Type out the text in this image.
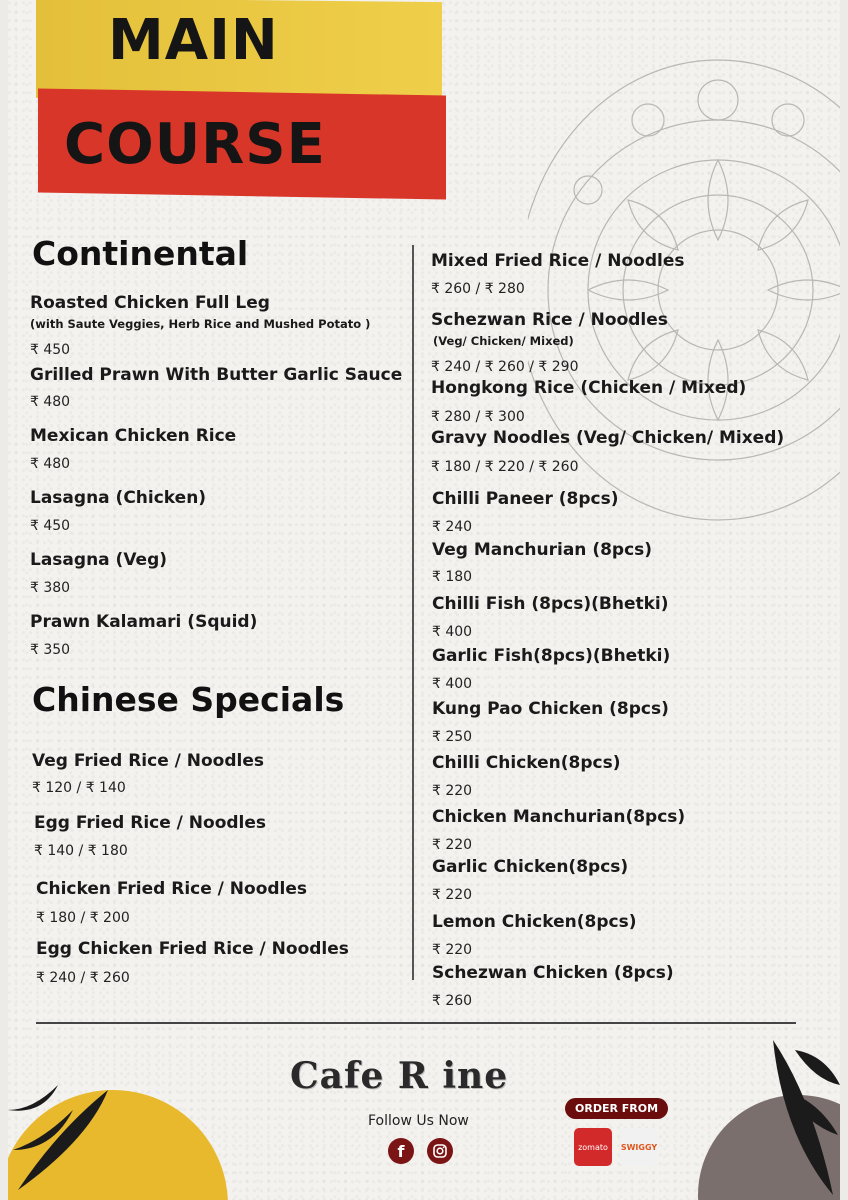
MAIN
COURSE
Continental
Roasted Chicken Full Leg
(with Saute Veggies, Herb Rice and Mushed Potato )
₹ 450
Grilled Prawn With Butter Garlic Sauce
₹ 480
Mexican Chicken Rice
₹ 480
Lasagna (Chicken)
₹ 450
Lasagna (Veg)
₹ 380
Prawn Kalamari (Squid)
₹ 350
Chinese Specials
Veg Fried Rice / Noodles
₹ 120 / ₹ 140
Egg Fried Rice / Noodles
₹ 140 / ₹ 180
Chicken Fried Rice / Noodles
₹ 180 / ₹ 200
Egg Chicken Fried Rice / Noodles
₹ 240 / ₹ 260
Mixed Fried Rice / Noodles
₹ 260 / ₹ 280
Schezwan Rice / Noodles
(Veg/ Chicken/ Mixed)
₹ 240 / ₹ 260 / ₹ 290
Hongkong Rice (Chicken / Mixed)
₹ 280 / ₹ 300
Gravy Noodles (Veg/ Chicken/ Mixed)
₹ 180 / ₹ 220 / ₹ 260
Chilli Paneer (8pcs)
₹ 240
Veg Manchurian (8pcs)
₹ 180
Chilli Fish (8pcs)(Bhetki)
₹ 400
Garlic Fish(8pcs)(Bhetki)
₹ 400
Kung Pao Chicken (8pcs)
₹ 250
Chilli Chicken(8pcs)
₹ 220
Chicken Manchurian(8pcs)
₹ 220
Garlic Chicken(8pcs)
₹ 220
Lemon Chicken(8pcs)
₹ 220
Schezwan Chicken (8pcs)
₹ 260
Cafe R ine
Follow Us Now
f
ORDER FROM
zomato	SWIGGY
